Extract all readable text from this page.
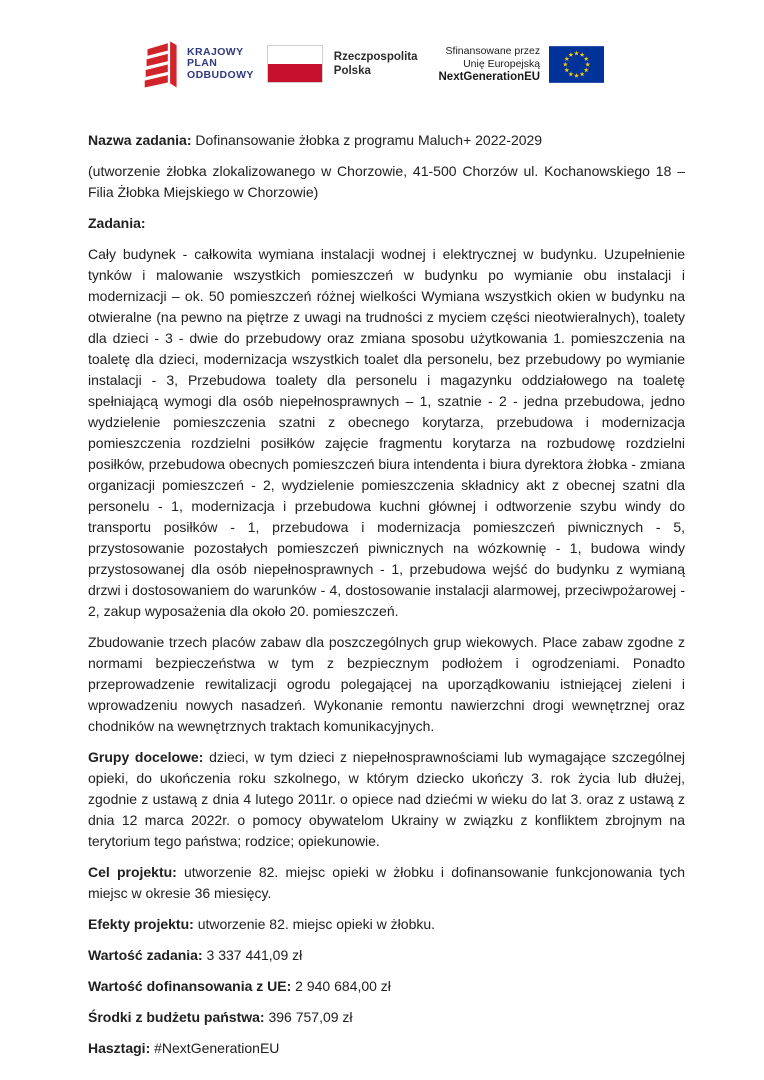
KRAJOWY
PLAN
ODBUDOWY
Rzeczpospolita
Polska
Sfinansowane przez
Unię Europejską
NextGenerationEU

Nazwa zadania: Dofinansowanie żłobka z programu Maluch+ 2022-2029

(utworzenie żłobka zlokalizowanego w Chorzowie, 41-500 Chorzów ul. Kochanowskiego 18 – Filia Żłobka Miejskiego w Chorzowie)

Zadania:

Cały budynek - całkowita wymiana instalacji wodnej i elektrycznej w budynku. Uzupełnienie tynków i malowanie wszystkich pomieszczeń w budynku po wymianie obu instalacji i modernizacji – ok. 50 pomieszczeń różnej wielkości Wymiana wszystkich okien w budynku na otwieralne (na pewno na piętrze z uwagi na trudności z myciem części nieotwieralnych), toalety dla dzieci - 3 - dwie do przebudowy oraz zmiana sposobu użytkowania 1. pomieszczenia na toaletę dla dzieci, modernizacja wszystkich toalet dla personelu, bez przebudowy po wymianie instalacji - 3, Przebudowa toalety dla personelu i magazynku oddziałowego na toaletę spełniającą wymogi dla osób niepełnosprawnych – 1, szatnie - 2 - jedna przebudowa, jedno wydzielenie pomieszczenia szatni z obecnego korytarza, przebudowa i modernizacja pomieszczenia rozdzielni posiłków zajęcie fragmentu korytarza na rozbudowę rozdzielni posiłków, przebudowa obecnych pomieszczeń biura intendenta i biura dyrektora żłobka - zmiana organizacji pomieszczeń - 2, wydzielenie pomieszczenia składnicy akt z obecnej szatni dla personelu - 1, modernizacja i przebudowa kuchni głównej i odtworzenie szybu windy do transportu posiłków - 1, przebudowa i modernizacja pomieszczeń piwnicznych - 5, przystosowanie pozostałych pomieszczeń piwnicznych na wózkownię - 1, budowa windy przystosowanej dla osób niepełnosprawnych - 1, przebudowa wejść do budynku z wymianą drzwi i dostosowaniem do warunków - 4, dostosowanie instalacji alarmowej, przeciwpożarowej - 2, zakup wyposażenia dla około 20. pomieszczeń.

Zbudowanie trzech placów zabaw dla poszczególnych grup wiekowych. Place zabaw zgodne z normami bezpieczeństwa w tym z bezpiecznym podłożem i ogrodzeniami. Ponadto przeprowadzenie rewitalizacji ogrodu polegającej na uporządkowaniu istniejącej zieleni i wprowadzeniu nowych nasadzeń. Wykonanie remontu nawierzchni drogi wewnętrznej oraz chodników na wewnętrznych traktach komunikacyjnych.

Grupy docelowe: dzieci, w tym dzieci z niepełnosprawnościami lub wymagające szczególnej opieki, do ukończenia roku szkolnego, w którym dziecko ukończy 3. rok życia lub dłużej, zgodnie z ustawą z dnia 4 lutego 2011r. o opiece nad dziećmi w wieku do lat 3. oraz z ustawą z dnia 12 marca 2022r. o pomocy obywatelom Ukrainy w związku z konfliktem zbrojnym na terytorium tego państwa; rodzice; opiekunowie.

Cel projektu: utworzenie 82. miejsc opieki w żłobku i dofinansowanie funkcjonowania tych miejsc w okresie 36 miesięcy.

Efekty projektu: utworzenie 82. miejsc opieki w żłobku.

Wartość zadania: 3 337 441,09 zł

Wartość dofinansowania z UE: 2 940 684,00 zł

Środki z budżetu państwa: 396 757,09 zł

Hasztagi: #NextGenerationEU
